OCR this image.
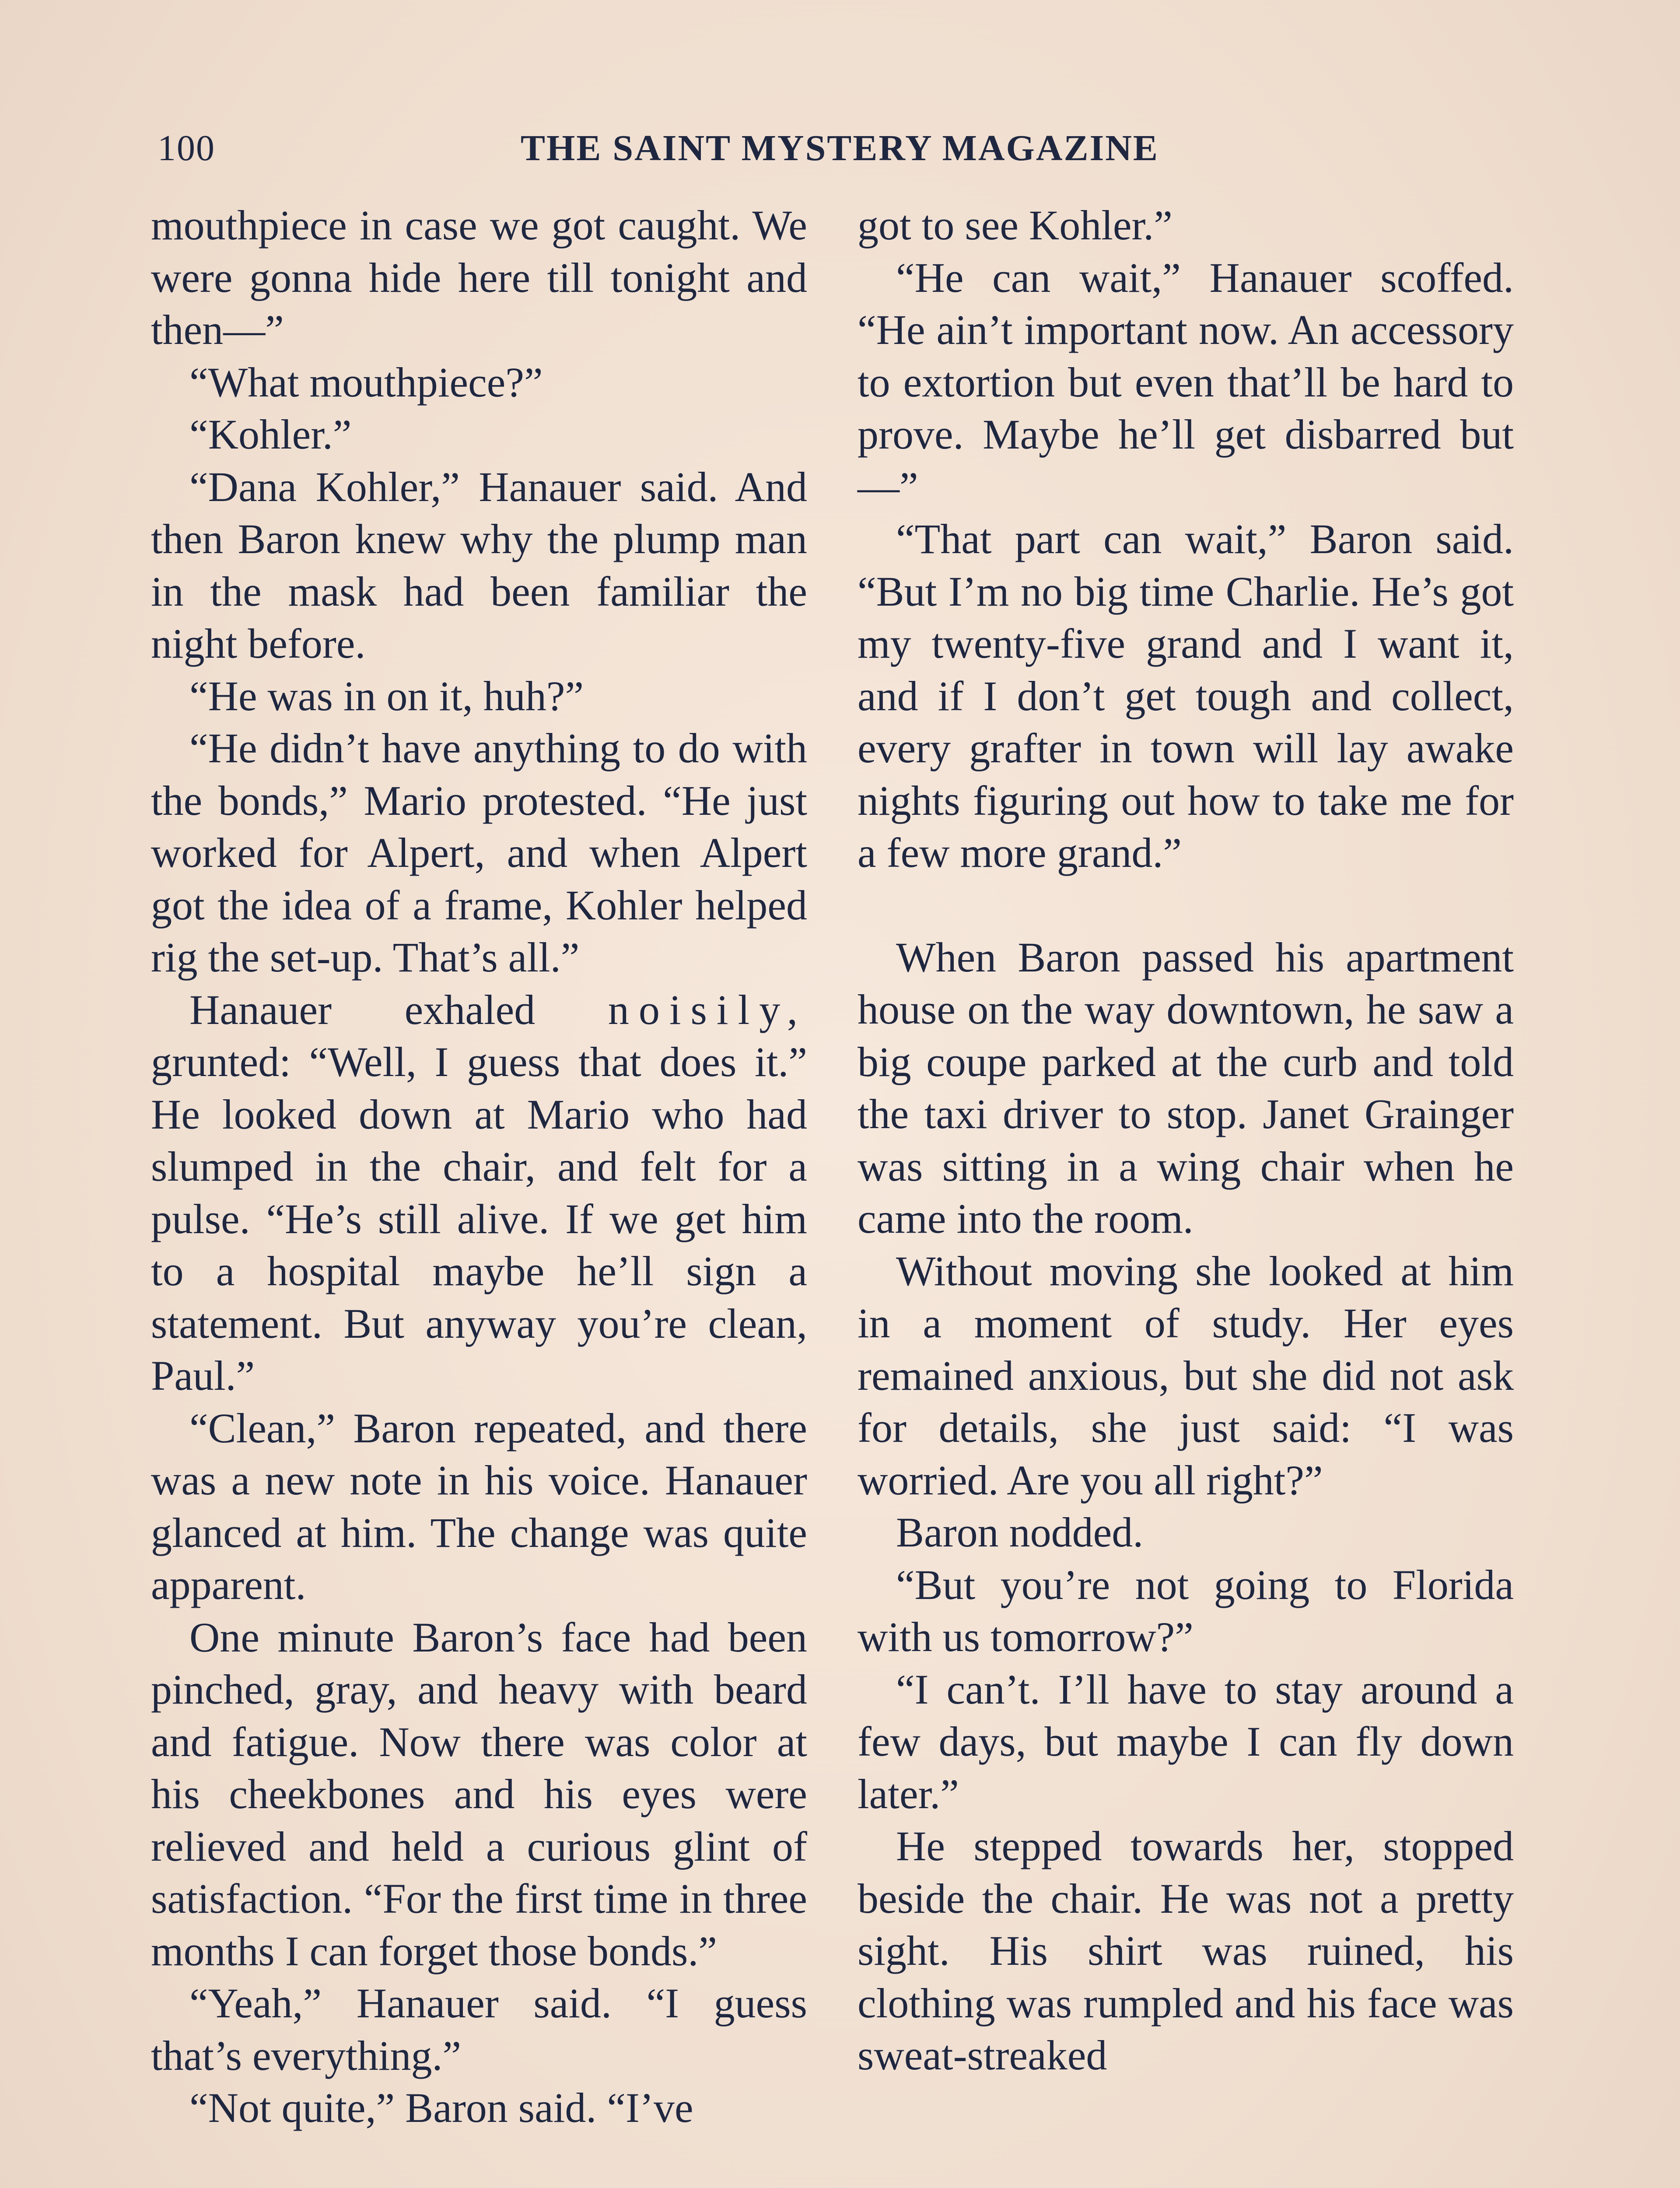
100	THE SAINT MYSTERY MAGAZINE

mouthpiece in case we got caught. We were gonna hide here till tonight and then—”

“What mouthpiece?”

“Kohler.”

“Dana Kohler,” Hanauer said. And then Baron knew why the plump man in the mask had been familiar the night before.

“He was in on it, huh?”

“He didn’t have anything to do with the bonds,” Mario protested. “He just worked for Alpert, and when Alpert got the idea of a frame, Kohler helped rig the set-up. That’s all.”

Hanauer exhaled noisily, grunted: “Well, I guess that does it.” He looked down at Mario who had slumped in the chair, and felt for a pulse. “He’s still alive. If we get him to a hospital maybe he’ll sign a statement. But anyway you’re clean, Paul.”

“Clean,” Baron repeated, and there was a new note in his voice. Hanauer glanced at him. The change was quite apparent.

One minute Baron’s face had been pinched, gray, and heavy with beard and fatigue. Now there was color at his cheekbones and his eyes were relieved and held a curious glint of satisfaction. “For the first time in three months I can forget those bonds.”

“Yeah,” Hanauer said. “I guess that’s everything.”

“Not quite,” Baron said. “I’ve

got to see Kohler.”

“He can wait,” Hanauer scoffed. “He ain’t important now. An accessory to extortion but even that’ll be hard to prove. Maybe he’ll get disbarred but—”

“That part can wait,” Baron said. “But I’m no big time Charlie. He’s got my twenty-five grand and I want it, and if I don’t get tough and collect, every grafter in town will lay awake nights figuring out how to take me for a few more grand.”

When Baron passed his apartment house on the way downtown, he saw a big coupe parked at the curb and told the taxi driver to stop. Janet Grainger was sitting in a wing chair when he came into the room.

Without moving she looked at him in a moment of study. Her eyes remained anxious, but she did not ask for details, she just said: “I was worried. Are you all right?”

Baron nodded.

“But you’re not going to Florida with us tomorrow?”

“I can’t. I’ll have to stay around a few days, but maybe I can fly down later.”

He stepped towards her, stopped beside the chair. He was not a pretty sight. His shirt was ruined, his clothing was rumpled and his face was sweat-streaked
